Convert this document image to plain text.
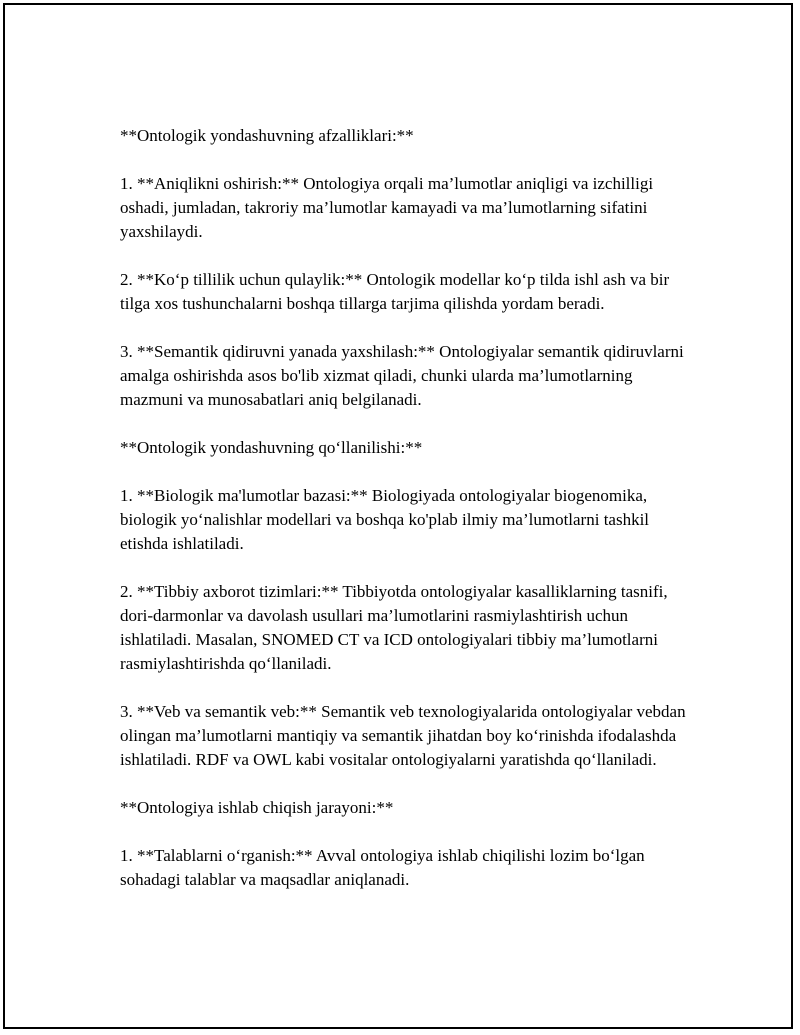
**Ontologik yondashuvning afzalliklari:**

1. **Aniqlikni oshirish:** Ontologiya orqali ma’lumotlar aniqligi va izchilligi oshadi, jumladan, takroriy ma’lumotlar kamayadi va ma’lumotlarning sifatini yaxshilaydi.

2. **Ko‘p tillilik uchun qulaylik:** Ontologik modellar ko‘p tilda ishl ash va bir tilga xos tushunchalarni boshqa tillarga tarjima qilishda yordam beradi.

3. **Semantik qidiruvni yanada yaxshilash:** Ontologiyalar semantik qidiruvlarni amalga oshirishda asos bo'lib xizmat qiladi, chunki ularda ma’lumotlarning mazmuni va munosabatlari aniq belgilanadi.

**Ontologik yondashuvning qo‘llanilishi:**

1. **Biologik ma'lumotlar bazasi:** Biologiyada ontologiyalar biogenomika, biologik yo‘nalishlar modellari va boshqa ko'plab ilmiy ma’lumotlarni tashkil etishda ishlatiladi.

2. **Tibbiy axborot tizimlari:** Tibbiyotda ontologiyalar kasalliklarning tasnifi, dori-darmonlar va davolash usullari ma’lumotlarini rasmiylashtirish uchun ishlatiladi. Masalan, SNOMED CT va ICD ontologiyalari tibbiy ma’lumotlarni rasmiylashtirishda qo‘llaniladi.

3. **Veb va semantik veb:** Semantik veb texnologiyalarida ontologiyalar vebdan olingan ma’lumotlarni mantiqiy va semantik jihatdan boy ko‘rinishda ifodalashda ishlatiladi. RDF va OWL kabi vositalar ontologiyalarni yaratishda qo‘llaniladi.

**Ontologiya ishlab chiqish jarayoni:**

1. **Talablarni o‘rganish:** Avval ontologiya ishlab chiqilishi lozim bo‘lgan sohadagi talablar va maqsadlar aniqlanadi.
